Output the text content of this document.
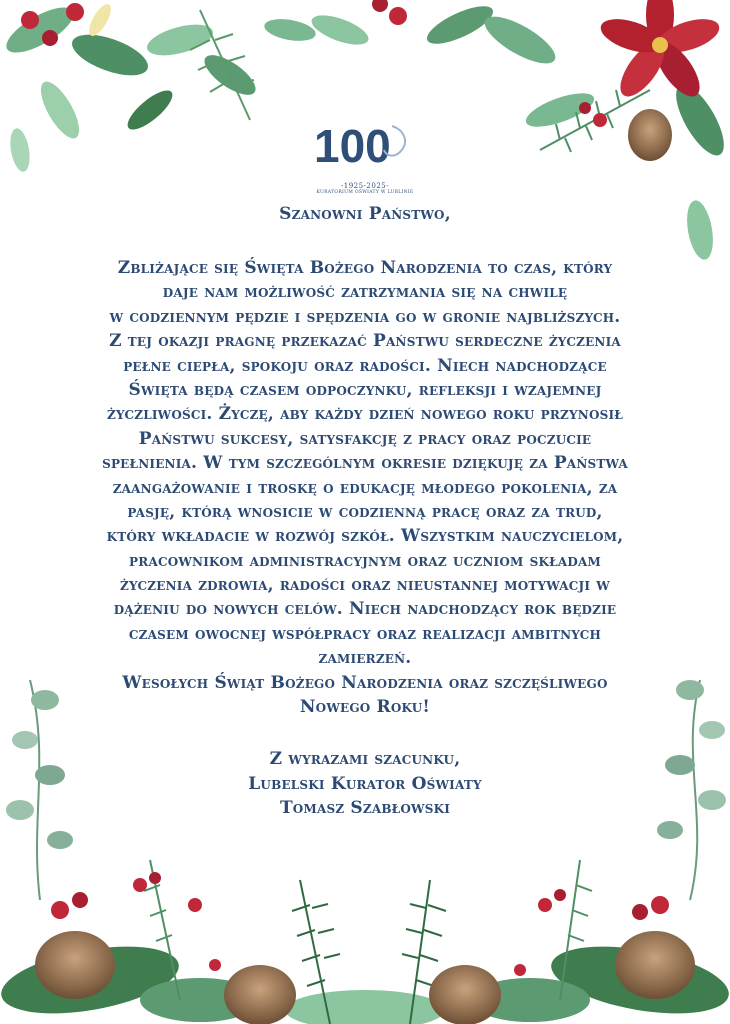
100
-1925-2025-
KURATORIUM OŚWIATY W LUBLINIE

Szanowni Państwo,

Zbliżające się Święta Bożego Narodzenia to czas, który

daje nam możliwość zatrzymania się na chwilę

w codziennym pędzie i spędzenia go w gronie najbliższych.

Z tej okazji pragnę przekazać Państwu serdeczne życzenia

pełne ciepła, spokoju oraz radości. Niech nadchodzące

Święta będą czasem odpoczynku, refleksji i wzajemnej

życzliwości. Życzę, aby każdy dzień nowego roku przynosił

Państwu sukcesy, satysfakcję z pracy oraz poczucie

spełnienia. W tym szczególnym okresie dziękuję za Państwa

zaangażowanie i troskę o edukację młodego pokolenia, za

pasję, którą wnosicie w codzienną pracę oraz za trud,

który wkładacie w rozwój szkół. Wszystkim nauczycielom,

pracownikom administracyjnym oraz uczniom składam

życzenia zdrowia, radości oraz nieustannej motywacji w

dążeniu do nowych celów. Niech nadchodzący rok będzie

czasem owocnej współpracy oraz realizacji ambitnych

zamierzeń.

Wesołych Świąt Bożego Narodzenia oraz szczęśliwego

Nowego Roku!

Z wyrazami szacunku,

Lubelski Kurator Oświaty

Tomasz Szabłowski
